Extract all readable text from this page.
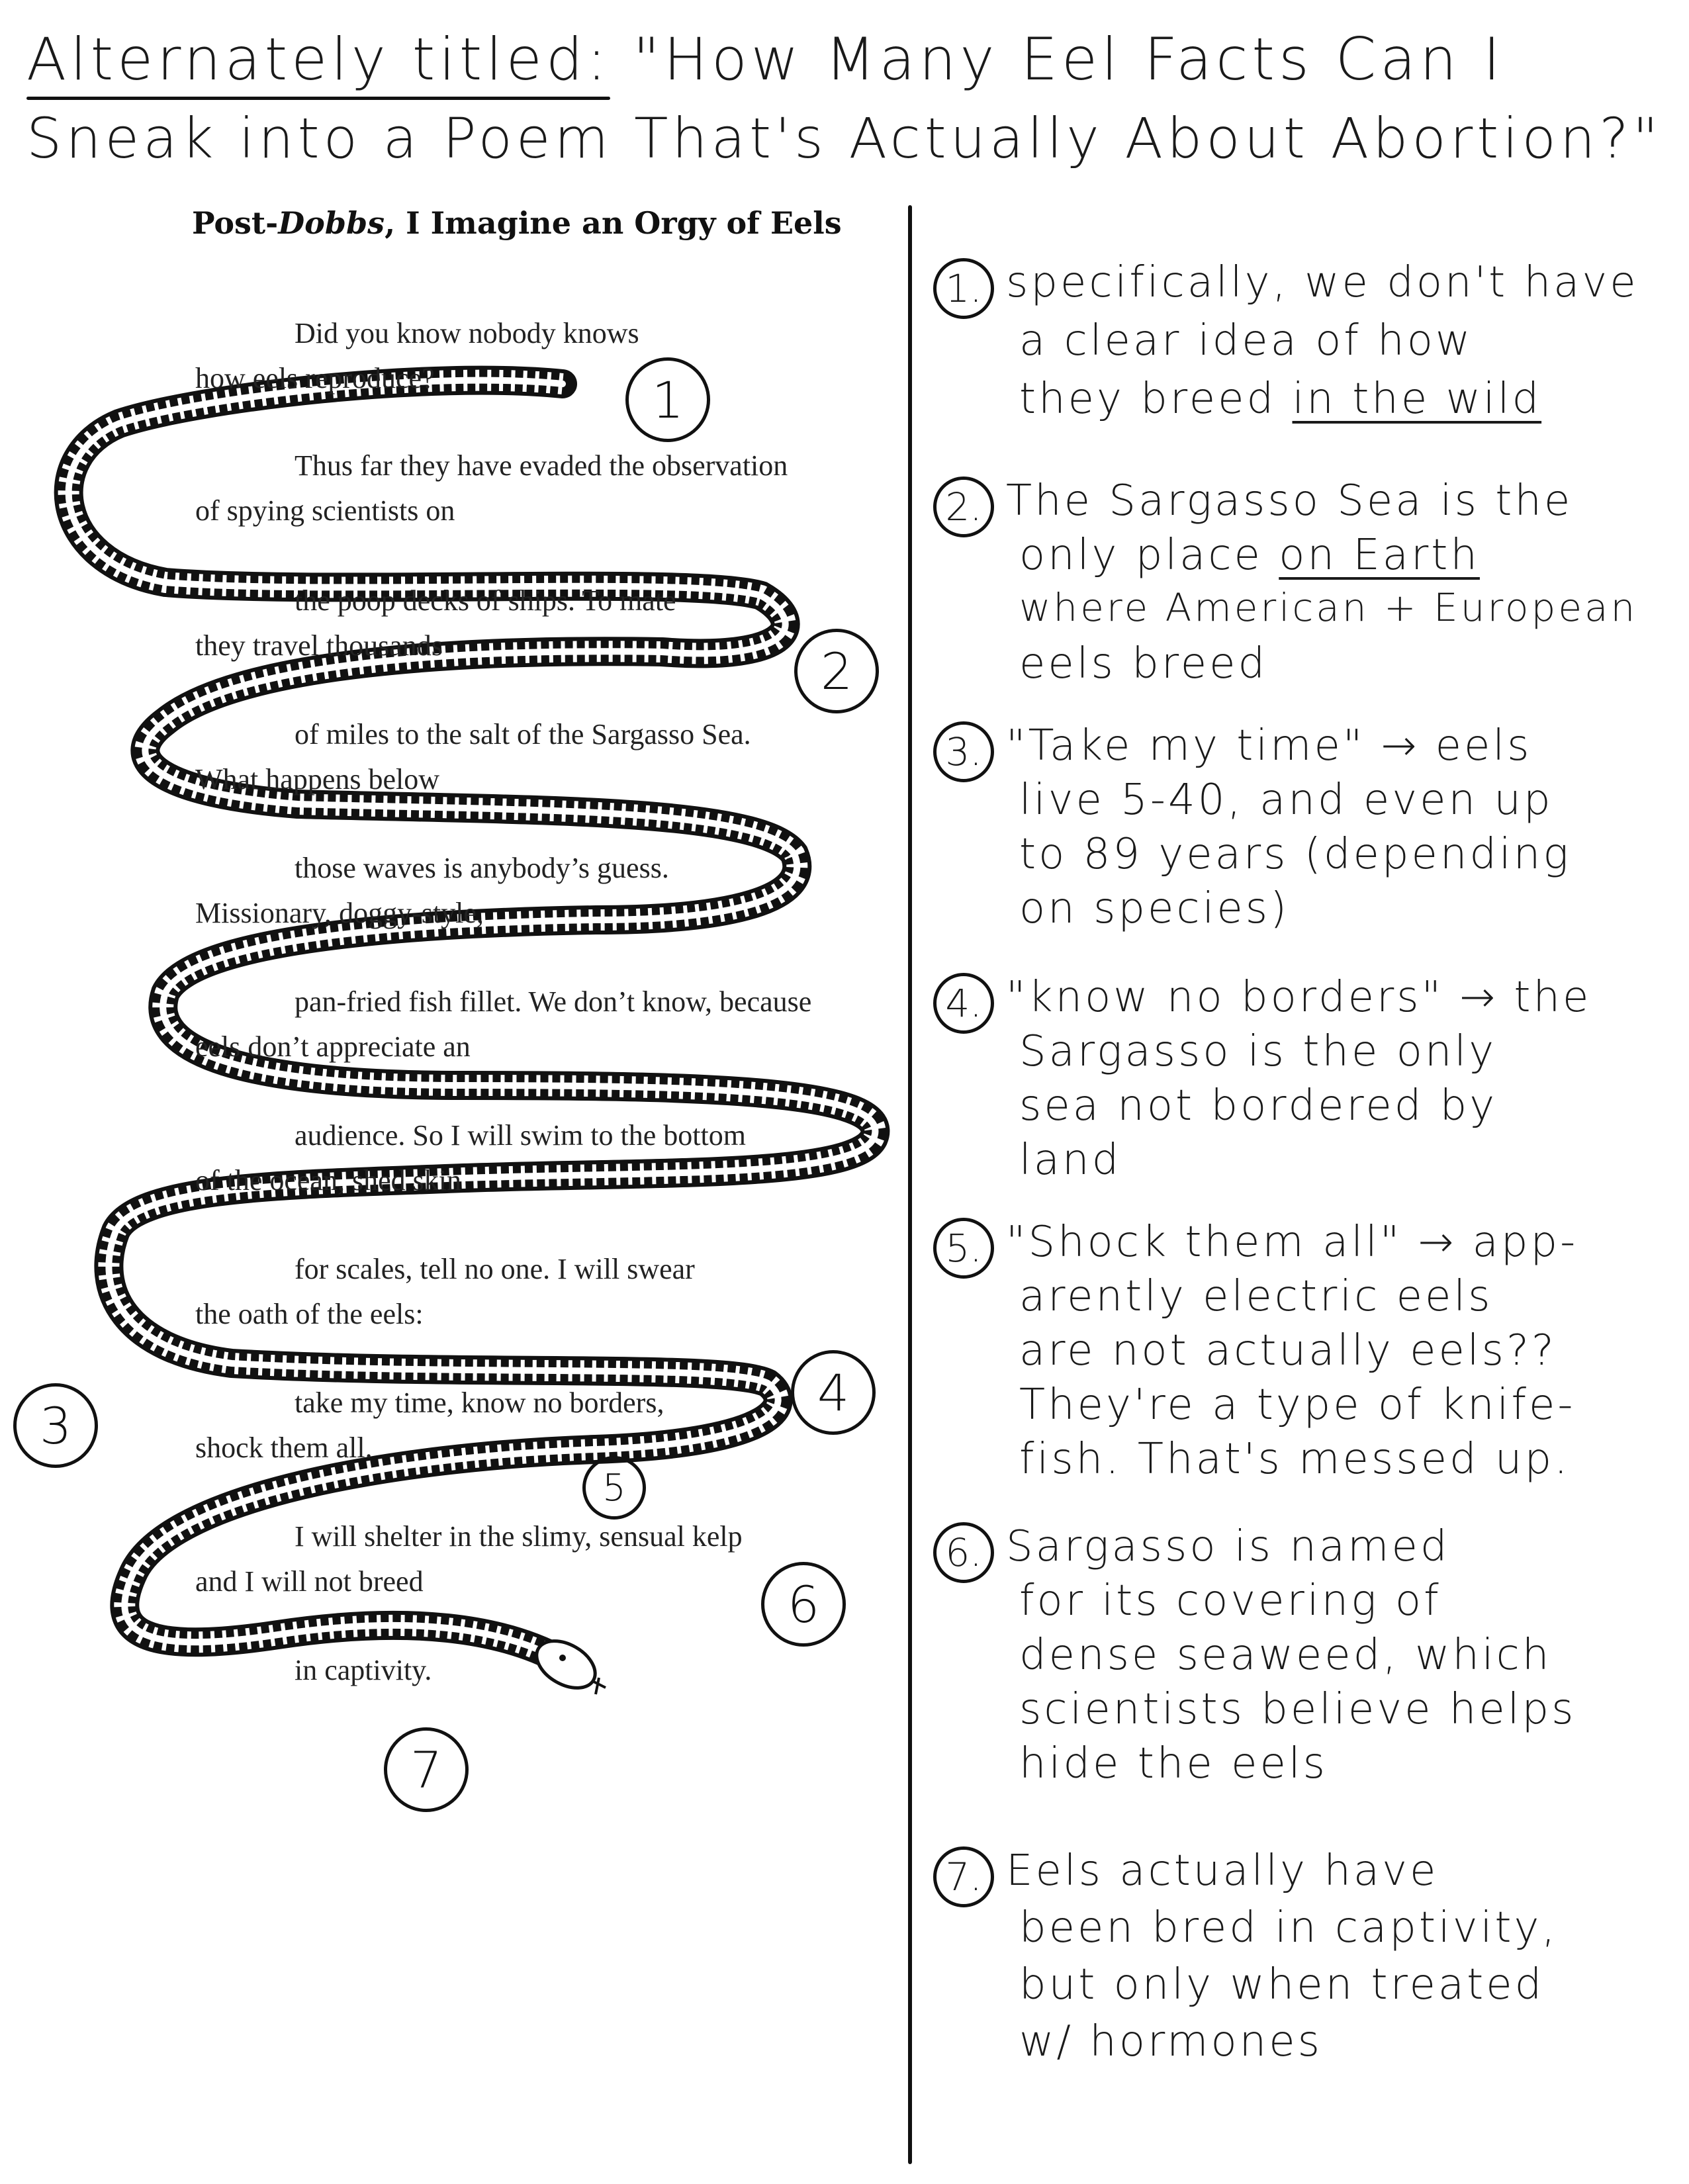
Alternately titled: "How Many Eel Facts Can I
Sneak into a Poem That's Actually About Abortion?"
Post-Dobbs, I Imagine an Orgy of Eels
Did you know nobody knows
how eels reproduce?
Thus far they have evaded the observation
of spying scientists on
the poop decks of ships. To mate
they travel thousands
of miles to the salt of the Sargasso Sea.
What happens below
those waves is anybody’s guess.
Missionary, doggy-style,
pan-fried fish fillet. We don’t know, because
eels don’t appreciate an
audience. So I will swim to the bottom
of the ocean, shed skin
for scales, tell no one. I will swear
the oath of the eels:
take my time, know no borders,
shock them all.
I will shelter in the slimy, sensual kelp
and I will not breed
in captivity.
1
2
3
4
5
6
7
1. specifically, we don't have
a clear idea of how
they breed in the wild
2. The Sargasso Sea is the
only place on Earth
where American + European
eels breed
3. "Take my time" → eels
live 5-40, and even up
to 89 years (depending
on species)
4. "know no borders" → the
Sargasso is the only
sea not bordered by
land
5. "Shock them all" → app-
arently electric eels
are not actually eels??
They're a type of knife-
fish. That's messed up.
6. Sargasso is named
for its covering of
dense seaweed, which
scientists believe helps
hide the eels
7. Eels actually have
been bred in captivity,
but only when treated
w/ hormones
